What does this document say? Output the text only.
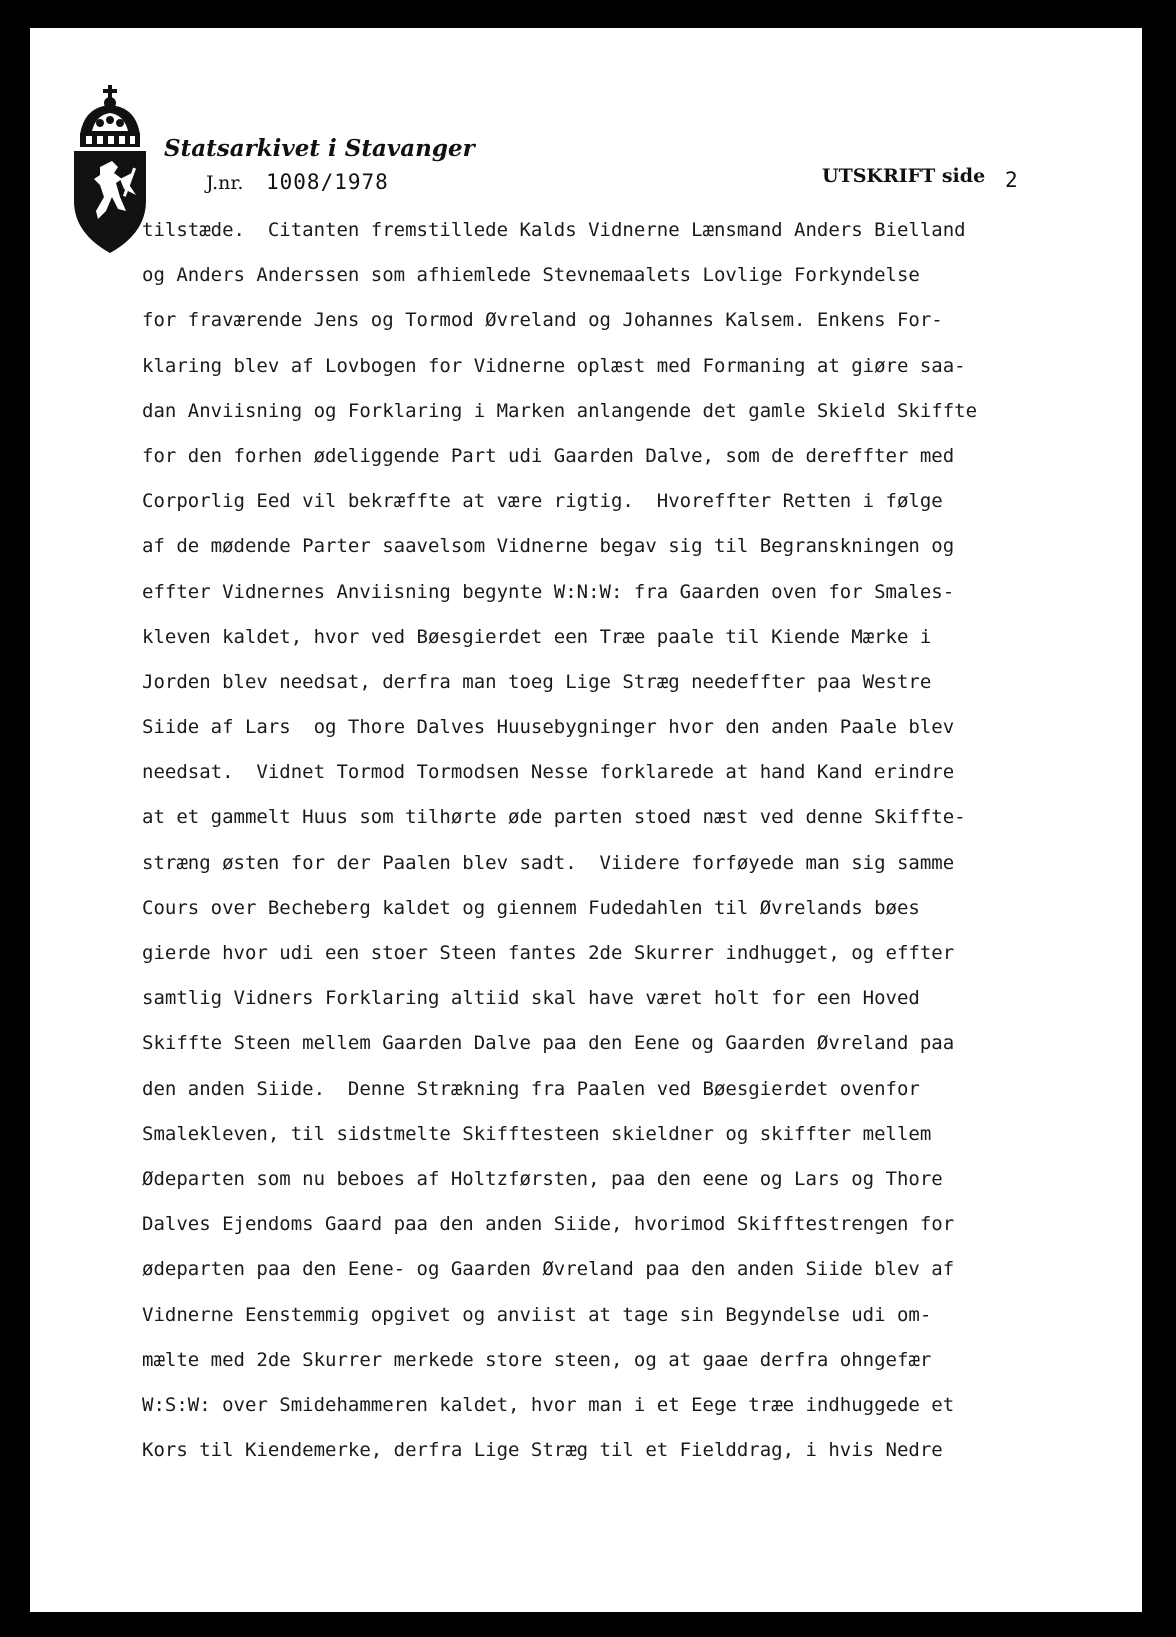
Statsarkivet i Stavanger
J.nr. 1008/1978	UTSKRIFT side 2
tilstæde.  Citanten fremstillede Kalds Vidnerne Lænsmand Anders Bielland
og Anders Anderssen som afhiemlede Stevnemaalets Lovlige Forkyndelse
for fraværende Jens og Tormod Øvreland og Johannes Kalsem. Enkens For-
klaring blev af Lovbogen for Vidnerne oplæst med Formaning at giøre saa-
dan Anviisning og Forklaring i Marken anlangende det gamle Skield Skiffte
for den forhen ødeliggende Part udi Gaarden Dalve, som de dereffter med
Corporlig Eed vil bekræffte at være rigtig.  Hvoreffter Retten i følge
af de mødende Parter saavelsom Vidnerne begav sig til Begranskningen og
effter Vidnernes Anviisning begynte W:N:W: fra Gaarden oven for Smales-
kleven kaldet, hvor ved Bøesgierdet een Træe paale til Kiende Mærke i
Jorden blev needsat, derfra man toeg Lige Stræg needeffter paa Westre
Siide af Lars  og Thore Dalves Huusebygninger hvor den anden Paale blev
needsat.  Vidnet Tormod Tormodsen Nesse forklarede at hand Kand erindre
at et gammelt Huus som tilhørte øde parten stoed næst ved denne Skiffte-
stræng østen for der Paalen blev sadt.  Viidere forføyede man sig samme
Cours over Becheberg kaldet og giennem Fudedahlen til Øvrelands bøes
gierde hvor udi een stoer Steen fantes 2de Skurrer indhugget, og effter
samtlig Vidners Forklaring altiid skal have været holt for een Hoved
Skiffte Steen mellem Gaarden Dalve paa den Eene og Gaarden Øvreland paa
den anden Siide.  Denne Strækning fra Paalen ved Bøesgierdet ovenfor
Smalekleven, til sidstmelte Skifftesteen skieldner og skiffter mellem
Ødeparten som nu beboes af Holtzførsten, paa den eene og Lars og Thore
Dalves Ejendoms Gaard paa den anden Siide, hvorimod Skifftestrengen for
ødeparten paa den Eene- og Gaarden Øvreland paa den anden Siide blev af
Vidnerne Eenstemmig opgivet og anviist at tage sin Begyndelse udi om-
mælte med 2de Skurrer merkede store steen, og at gaae derfra ohngefær
W:S:W: over Smidehammeren kaldet, hvor man i et Eege træe indhuggede et
Kors til Kiendemerke, derfra Lige Stræg til et Fielddrag, i hvis Nedre
